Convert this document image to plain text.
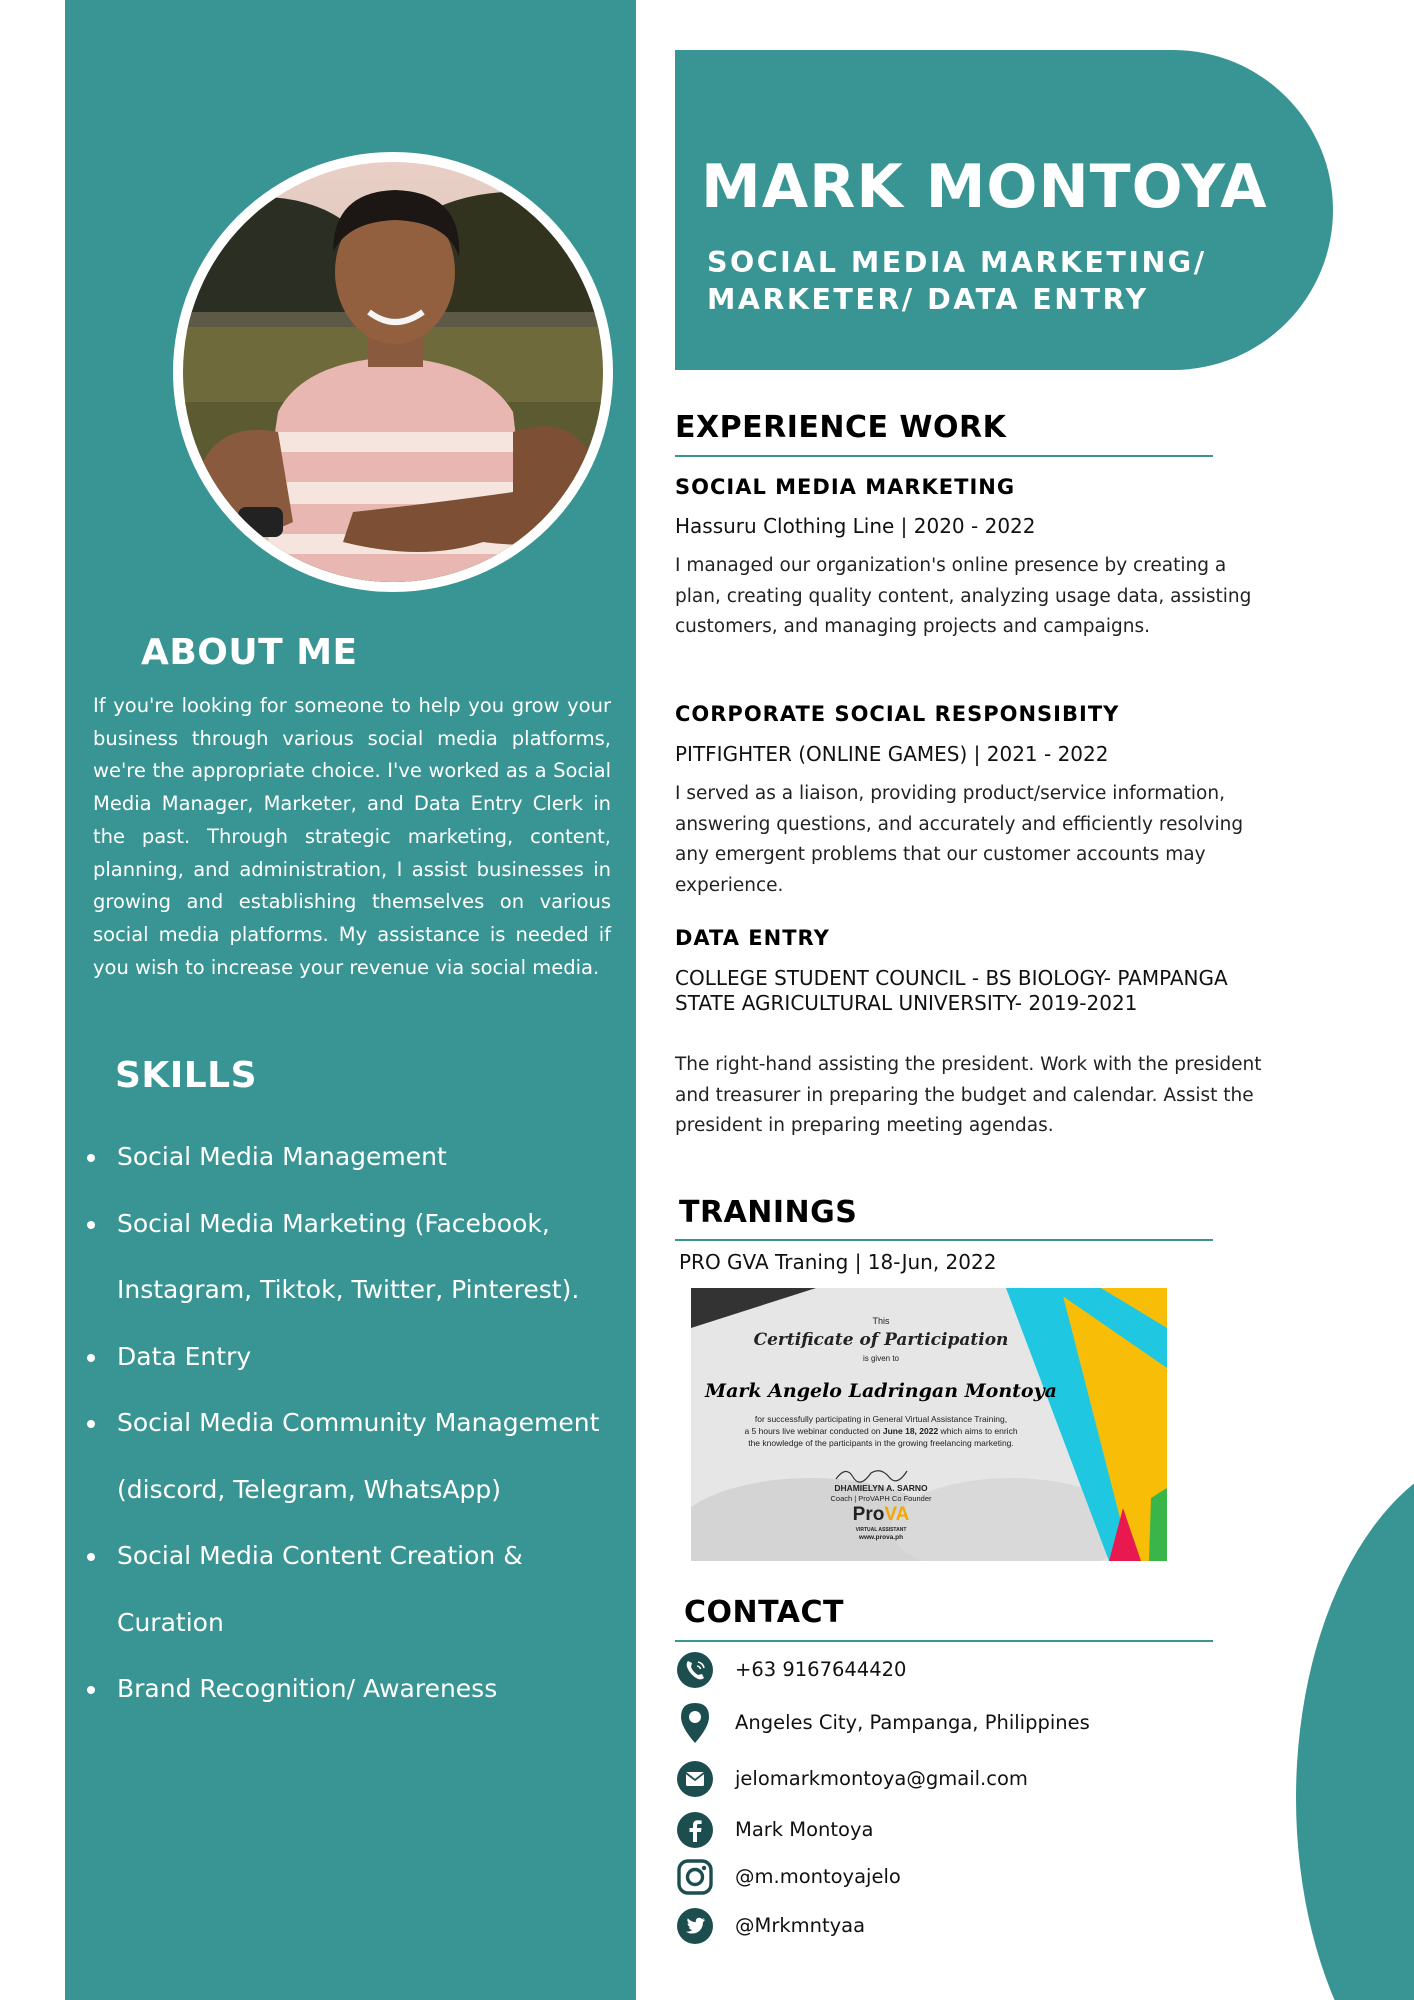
ABOUT ME

If you're looking for someone to help you grow your business through various social media platforms, we're the appropriate choice. I've worked as a Social Media Manager, Marketer, and Data Entry Clerk in the past. Through strategic marketing, content, planning, and administration, I assist businesses in growing and establishing themselves on various social media platforms. My assistance is needed if you wish to increase your revenue via social media.

SKILLS
Social Media Management
Social Media Marketing (Facebook, Instagram, Tiktok, Twitter, Pinterest).
Data Entry
Social Media Community Management (discord, Telegram, WhatsApp)
Social Media Content Creation & Curation
Brand Recognition/ Awareness
MARK MONTOYA
SOCIAL MEDIA MARKETING/
MARKETER/ DATA ENTRY
EXPERIENCE WORK
SOCIAL MEDIA MARKETING
Hassuru Clothing Line | 2020 - 2022

I managed our organization's online presence by creating a plan, creating quality content, analyzing usage data, assisting customers, and managing projects and campaigns.

CORPORATE SOCIAL RESPONSIBITY
PITFIGHTER (ONLINE GAMES) | 2021 - 2022

I served as a liaison, providing product/service information, answering questions, and accurately and efficiently resolving any emergent problems that our customer accounts may experience.

DATA ENTRY
COLLEGE STUDENT COUNCIL - BS BIOLOGY- PAMPANGA STATE AGRICULTURAL UNIVERSITY- 2019-2021

The right-hand assisting the president. Work with the president and treasurer in preparing the budget and calendar. Assist the president in preparing meeting agendas.

TRANINGS
PRO GVA Traning | 18-Jun, 2022
This
Certificate of Participation
is given to
Mark Angelo Ladringan Montoya
for successfully participating in General Virtual Assistance Training,
a 5 hours live webinar conducted on June 18, 2022 which aims to enrich
the knowledge of the participants in the growing freelancing marketing.
DHAMIELYN A. SARNO
Coach | ProVAPH Co Founder
ProVA
VIRTUAL ASSISTANT
www.prova.ph
CONTACT
+63 9167644420
Angeles City, Pampanga, Philippines
jelomarkmontoya@gmail.com
Mark Montoya
@m.montoyajelo
@Mrkmntyaa
